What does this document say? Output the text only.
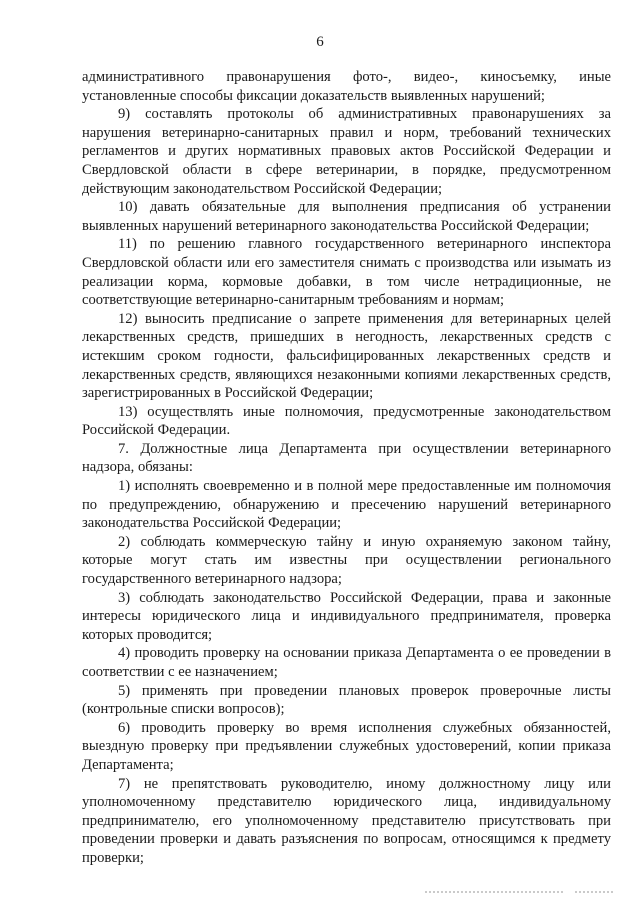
6

административного правонарушения фото-, видео-, киносъемку, иные установленные способы фиксации доказательств выявленных нарушений;

9) составлять протоколы об административных правонарушениях за нарушения ветеринарно-санитарных правил и норм, требований технических регламентов и других нормативных правовых актов Российской Федерации и Свердловской области в сфере ветеринарии, в порядке, предусмотренном действующим законодательством Российской Федерации;

10) давать обязательные для выполнения предписания об устранении выявленных нарушений ветеринарного законодательства Российской Федерации;

11) по решению главного государственного ветеринарного инспектора Свердловской области или его заместителя снимать с производства или изымать из реализации корма, кормовые добавки, в том числе нетрадиционные, не соответствующие ветеринарно-санитарным требованиям и нормам;

12) выносить предписание о запрете применения для ветеринарных целей лекарственных средств, пришедших в негодность, лекарственных средств с истекшим сроком годности, фальсифицированных лекарственных средств и лекарственных средств, являющихся незаконными копиями лекарственных средств, зарегистрированных в Российской Федерации;

13) осуществлять иные полномочия, предусмотренные законодательством Российской Федерации.

7. Должностные лица Департамента при осуществлении ветеринарного надзора, обязаны:

1) исполнять своевременно и в полной мере предоставленные им полномочия по предупреждению, обнаружению и пресечению нарушений ветеринарного законодательства Российской Федерации;

2) соблюдать коммерческую тайну и иную охраняемую законом тайну, которые могут стать им известны при осуществлении регионального государственного ветеринарного надзора;

3) соблюдать законодательство Российской Федерации, права и законные интересы юридического лица и индивидуального предпринимателя, проверка которых проводится;

4) проводить проверку на основании приказа Департамента о ее проведении в соответствии с ее назначением;

5) применять при проведении плановых проверок проверочные листы (контрольные списки вопросов);

6) проводить проверку во время исполнения служебных обязанностей, выездную проверку при предъявлении служебных удостоверений, копии приказа Департамента;

7) не препятствовать руководителю, иному должностному лицу или уполномоченному представителю юридического лица, индивидуальному предпринимателю, его уполномоченному представителю присутствовать при проведении проверки и давать разъяснения по вопросам, относящимся к предмету проверки;
